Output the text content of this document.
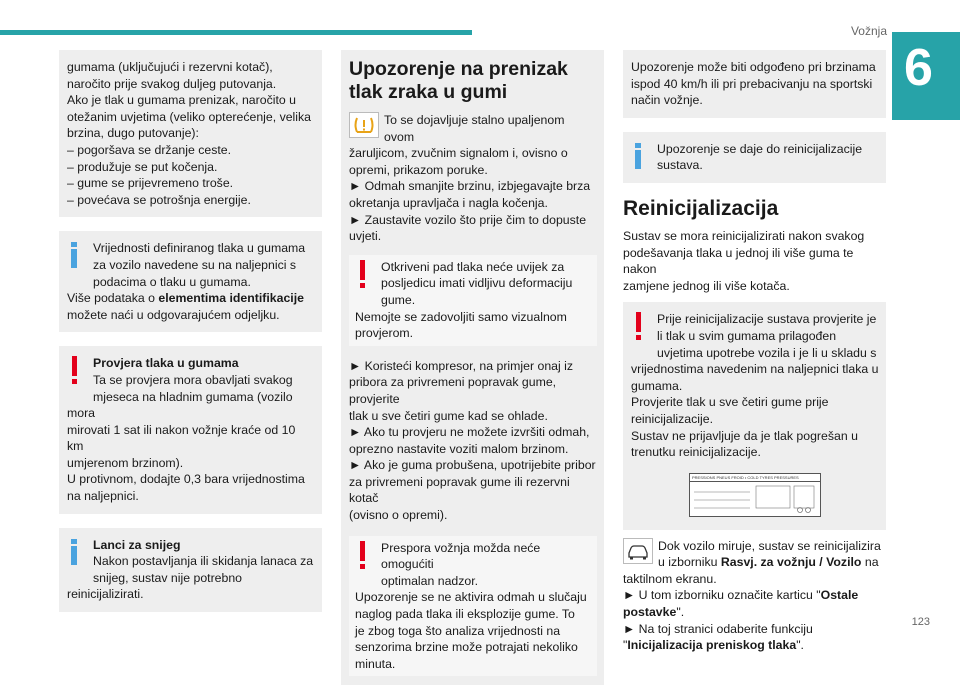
Vožnja
6
123

gumama (uključujući i rezervni kotač),

naročito prije svakog duljeg putovanja.

Ako je tlak u gumama prenizak, naročito u

otežanim uvjetima (veliko opterećenje, velika

brzina, dugo putovanje):

– pogoršava se držanje ceste.

– produžuje se put kočenja.

– gume se prijevremeno troše.

– povećava se potrošnja energije.

Vrijednosti definiranog tlaka u gumama

za vozilo navedene su na naljepnici s

podacima o tlaku u gumama.

Više podataka o elementima identifikacije

možete naći u odgovarajućem odjeljku.

Provjera tlaka u gumama

Ta se provjera mora obavljati svakog

mjeseca na hladnim gumama (vozilo mora

mirovati 1 sat ili nakon vožnje kraće od 10 km

umjerenom brzinom).

U protivnom, dodajte 0,3 bara vrijednostima

na naljepnici.

Lanci za snijeg

Nakon postavljanja ili skidanja lanaca za

snijeg, sustav nije potrebno reinicijalizirati.

Upozorenje na prenizak tlak zraka u gumi

To se dojavljuje stalno upaljenom ovom

žaruljicom, zvučnim signalom i, ovisno o

opremi, prikazom poruke.

► Odmah smanjite brzinu, izbjegavajte brza

okretanja upravljača i nagla kočenja.

► Zaustavite vozilo što prije čim to dopuste

uvjeti.

Otkriveni pad tlaka neće uvijek za

posljedicu imati vidljivu deformaciju

gume.

Nemojte se zadovoljiti samo vizualnom

provjerom.

► Koristeći kompresor, na primjer onaj iz

pribora za privremeni popravak gume, provjerite

tlak u sve četiri gume kad se ohlade.

► Ako tu provjeru ne možete izvršiti odmah,

oprezno nastavite voziti malom brzinom.

► Ako je guma probušena, upotrijebite pribor

za privremeni popravak gume ili rezervni kotač

(ovisno o opremi).

Prespora vožnja možda neće omogućiti

optimalan nadzor.

Upozorenje se ne aktivira odmah u slučaju

naglog pada tlaka ili eksplozije gume. To

je zbog toga što analiza vrijednosti na

senzorima brzine može potrajati nekoliko

minuta.

Upozorenje može biti odgođeno pri brzinama

ispod 40 km/h ili pri prebacivanju na sportski

način vožnje.

Upozorenje se daje do reinicijalizacije

sustava.

Reinicijalizacija

Sustav se mora reinicijalizirati nakon svakog

podešavanja tlaka u jednoj ili više guma te nakon

zamjene jednog ili više kotača.

Prije reinicijalizacije sustava provjerite je

li tlak u svim gumama prilagođen

uvjetima upotrebe vozila i je li u skladu s

vrijednostima navedenim na naljepnici tlaka u

gumama.

Provjerite tlak u sve četiri gume prije

reinicijalizacije.

Sustav ne prijavljuje da je tlak pogrešan u

trenutku reinicijalizacije.

PRESSIONS PNEUS FROID • COLD TYRES PRESSURES

Dok vozilo miruje, sustav se reinicijalizira

u izborniku Rasvj. za vožnju / Vozilo na

taktilnom ekranu.

► U tom izborniku označite karticu "Ostale postavke".

► Na toj stranici odaberite funkciju

"Inicijalizacija preniskog tlaka".
